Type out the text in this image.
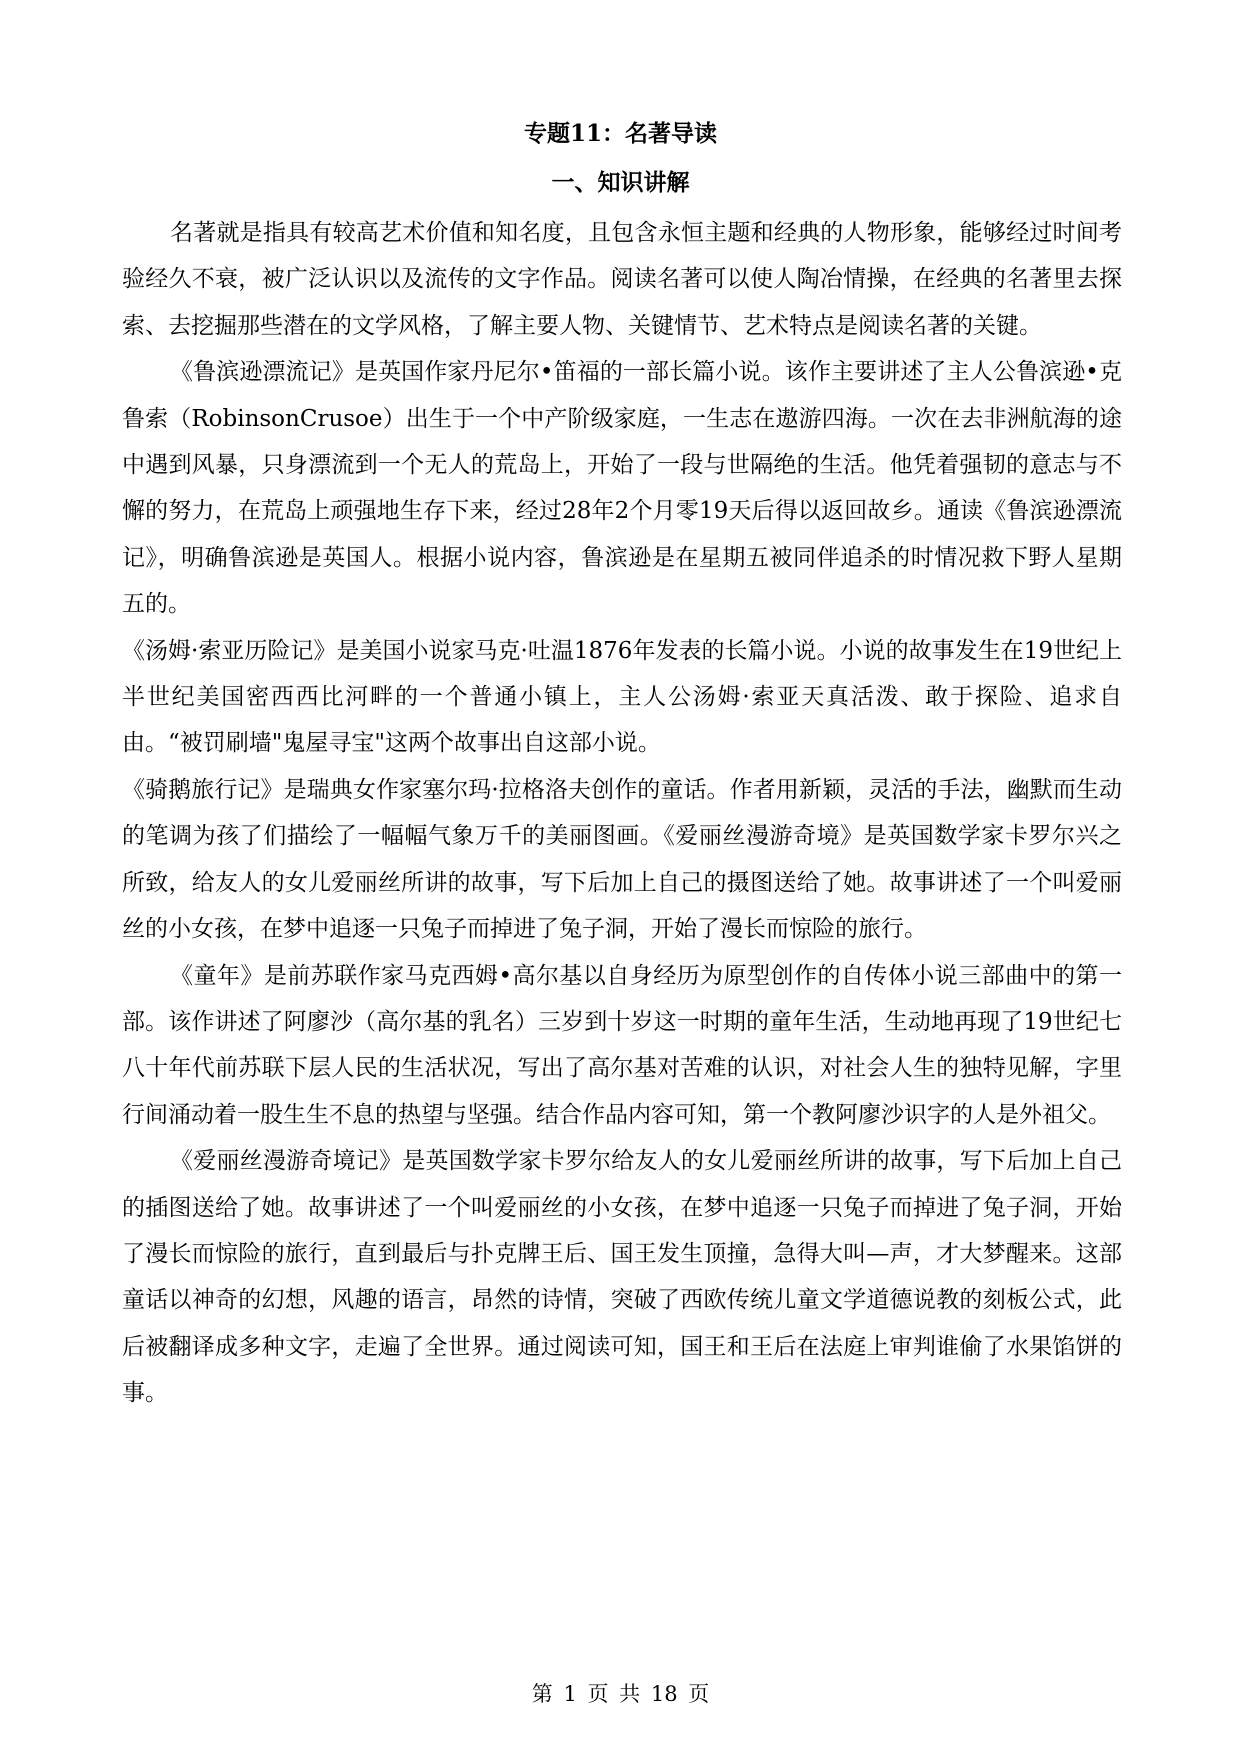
专题11：名著导读
一、知识讲解

名著就是指具有较高艺术价值和知名度，且包含永恒主题和经典的人物形象，能够经过时间考验经久不衰，被广泛认识以及流传的文字作品。阅读名著可以使人陶冶情操，在经典的名著里去探索、去挖掘那些潜在的文学风格，了解主要人物、关键情节、艺术特点是阅读名著的关键。

《鲁滨逊漂流记》是英国作家丹尼尔•笛福的一部长篇小说。该作主要讲述了主人公鲁滨逊•克鲁索（RobinsonCrusoe）出生于一个中产阶级家庭，一生志在遨游四海。一次在去非洲航海的途中遇到风暴，只身漂流到一个无人的荒岛上，开始了一段与世隔绝的生活。他凭着强韧的意志与不懈的努力，在荒岛上顽强地生存下来，经过28年2个月零19天后得以返回故乡。通读《鲁滨逊漂流记》，明确鲁滨逊是英国人。根据小说内容，鲁滨逊是在星期五被同伴追杀的时情况救下野人星期五的。

《汤姆·索亚历险记》是美国小说家马克·吐温1876年发表的长篇小说。小说的故事发生在19世纪上半世纪美国密西西比河畔的一个普通小镇上，主人公汤姆·索亚天真活泼、敢于探险、追求自由。“被罚刷墙"鬼屋寻宝"这两个故事出自这部小说。

《骑鹅旅行记》是瑞典女作家塞尔玛·拉格洛夫创作的童话。作者用新颖，灵活的手法，幽默而生动的笔调为孩了们描绘了一幅幅气象万千的美丽图画。《爱丽丝漫游奇境》是英国数学家卡罗尔兴之所致，给友人的女儿爱丽丝所讲的故事，写下后加上自己的摄图送给了她。故事讲述了一个叫爱丽丝的小女孩，在梦中追逐一只兔子而掉进了兔子洞，开始了漫长而惊险的旅行。

《童年》是前苏联作家马克西姆•高尔基以自身经历为原型创作的自传体小说三部曲中的第一部。该作讲述了阿廖沙（高尔基的乳名）三岁到十岁这一时期的童年生活，生动地再现了19世纪七八十年代前苏联下层人民的生活状况，写出了高尔基对苦难的认识，对社会人生的独特见解，字里行间涌动着一股生生不息的热望与坚强。结合作品内容可知，第一个教阿廖沙识字的人是外祖父。

《爱丽丝漫游奇境记》是英国数学家卡罗尔给友人的女儿爱丽丝所讲的故事，写下后加上自己的插图送给了她。故事讲述了一个叫爱丽丝的小女孩，在梦中追逐一只兔子而掉进了兔子洞，开始了漫长而惊险的旅行，直到最后与扑克牌王后、国王发生顶撞，急得大叫—声，才大梦醒来。这部童话以神奇的幻想，风趣的语言，昂然的诗情，突破了西欧传统儿童文学道德说教的刻板公式，此后被翻译成多种文字，走遍了全世界。通过阅读可知，国王和王后在法庭上审判谁偷了水果馅饼的事。

第 1 页 共 18 页
